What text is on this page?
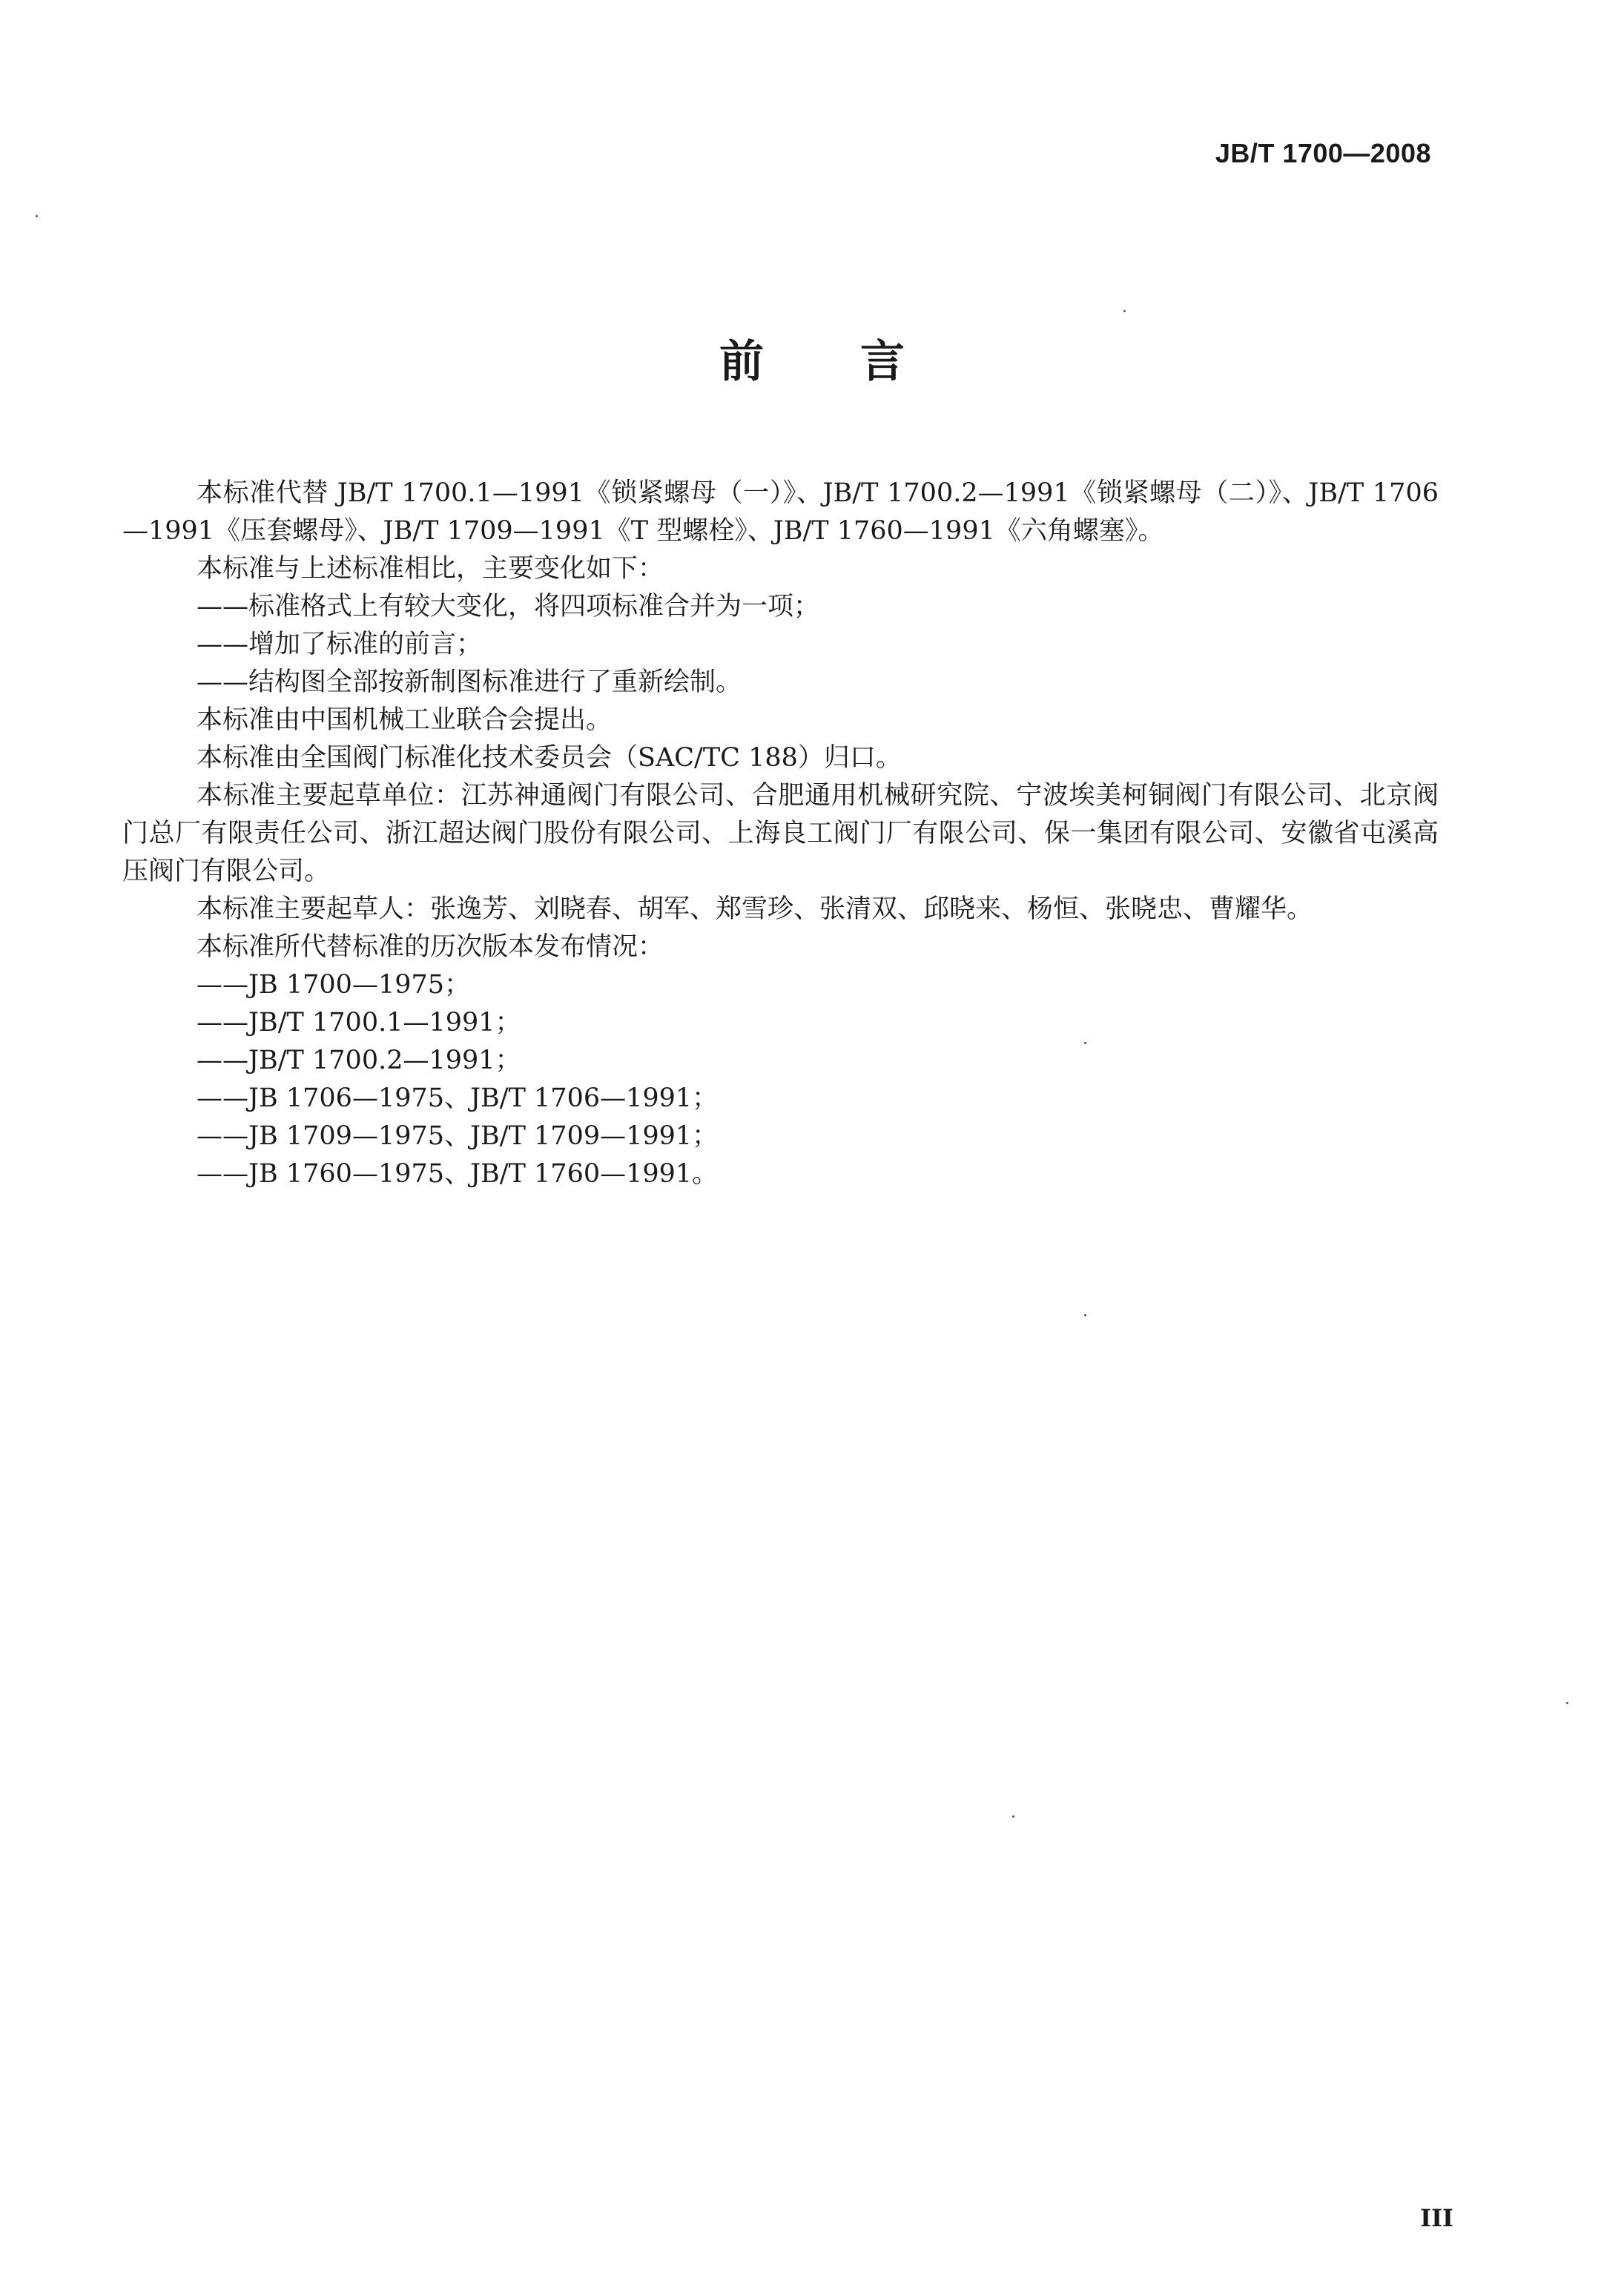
JB/T 1700—2008
前言

本标准代替 JB/T 1700.1—1991《锁紧螺母（一）》、JB/T 1700.2—1991《锁紧螺母（二）》、JB/T 1706—1991《压套螺母》、JB/T 1709—1991《T 型螺栓》、JB/T 1760—1991《六角螺塞》。

本标准与上述标准相比，主要变化如下：

——标准格式上有较大变化，将四项标准合并为一项；

——增加了标准的前言；

——结构图全部按新制图标准进行了重新绘制。

本标准由中国机械工业联合会提出。

本标准由全国阀门标准化技术委员会（SAC/TC 188）归口。

本标准主要起草单位：江苏神通阀门有限公司、合肥通用机械研究院、宁波埃美柯铜阀门有限公司、北京阀门总厂有限责任公司、浙江超达阀门股份有限公司、上海良工阀门厂有限公司、保一集团有限公司、安徽省屯溪高压阀门有限公司。

本标准主要起草人：张逸芳、刘晓春、胡军、郑雪珍、张清双、邱晓来、杨恒、张晓忠、曹耀华。

本标准所代替标准的历次版本发布情况：

——JB 1700—1975；

——JB/T 1700.1—1991；

——JB/T 1700.2—1991；

——JB 1706—1975、JB/T 1706—1991；

——JB 1709—1975、JB/T 1709—1991；

——JB 1760—1975、JB/T 1760—1991。

III
